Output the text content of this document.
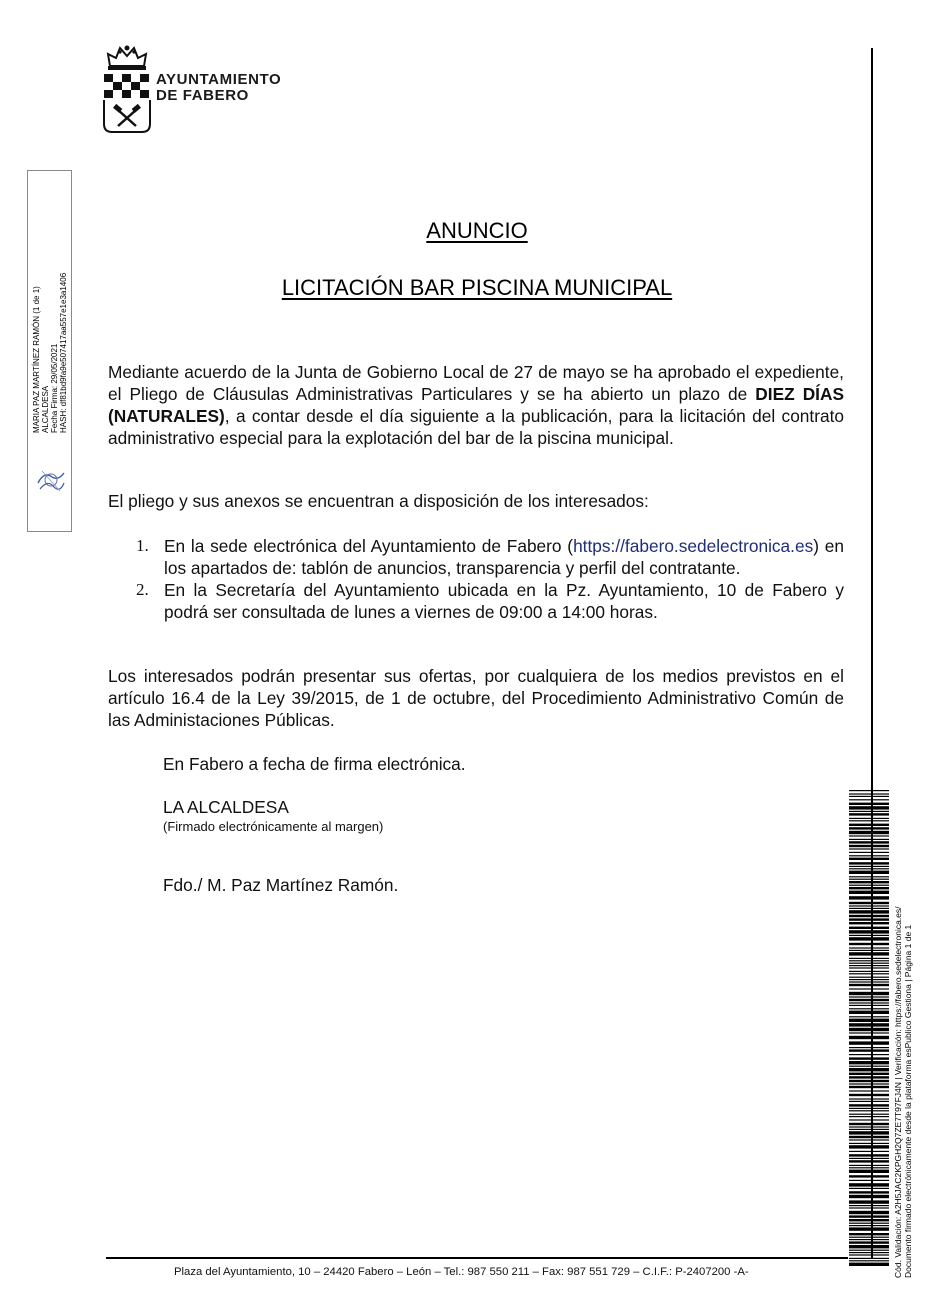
AYUNTAMIENTO
DE FABERO
MARIA PAZ MARTÍNEZ RAMÓN (1 de 1) ALCALDESA Fecha Firma: 29/05/2021 HASH: df81bd9fa9e507417aa557e1e3a1406
Cód. Validación: A2H5JAC2KPGH2Q7ZE7T97FJ4N | Verificación: https://fabero.sedelectronica.es/ Documento firmado electrónicamente desde la plataforma esPublico Gestiona | Página 1 de 1
ANUNCIO
LICITACIÓN BAR PISCINA MUNICIPAL
Mediante acuerdo de la Junta de Gobierno Local de 27 de mayo se ha aprobado el expediente, el Pliego de Cláusulas Administrativas Particulares y se ha abierto un plazo de DIEZ DÍAS (NATURALES), a contar desde el día siguiente a la publicación, para la licitación del contrato administrativo especial para la explotación del bar de la piscina municipal.
El pliego y sus anexos se encuentran a disposición de los interesados:
1. En la sede electrónica del Ayuntamiento de Fabero (https://fabero.sedelectronica.es) en los apartados de: tablón de anuncios, transparencia y perfil del contratante.
2. En la Secretaría del Ayuntamiento ubicada en la Pz. Ayuntamiento, 10 de Fabero y podrá ser consultada de lunes a viernes de 09:00 a 14:00 horas.
Los interesados podrán presentar sus ofertas, por cualquiera de los medios previstos en el artículo 16.4 de la Ley 39/2015, de 1 de octubre, del Procedimiento Administrativo Común de las Administaciones Públicas.
En Fabero a fecha de firma electrónica.
LA ALCALDESA
(Firmado electrónicamente al margen)
Fdo./ M. Paz Martínez Ramón.
Plaza del Ayuntamiento, 10 – 24420 Fabero – León – Tel.: 987 550 211 – Fax: 987 551 729 – C.I.F.: P-2407200 -A-
